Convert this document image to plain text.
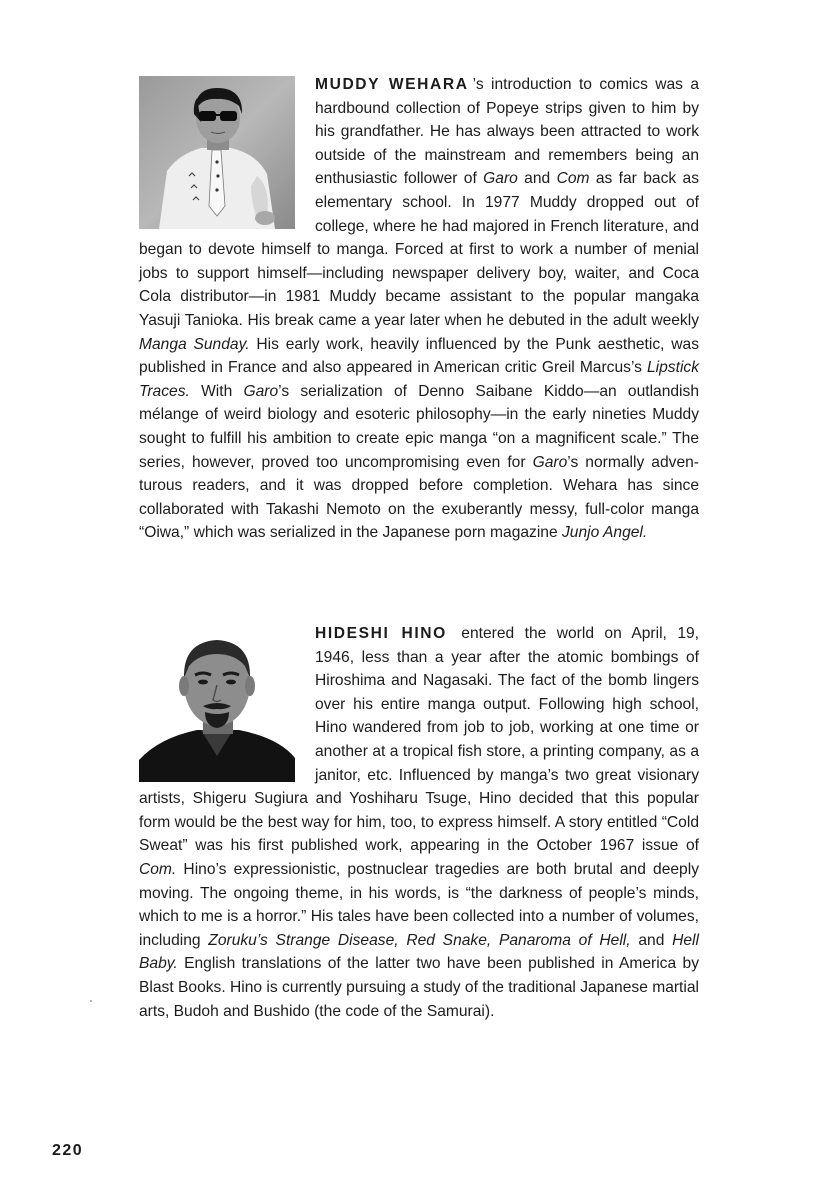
MUDDY WEHARA ’s introduction to comics was a hardbound collection of Popeye strips given to him by his grandfather. He has always been attracted to work outside of the mainstream and remembers being an enthusiastic follower of Garo and Com as far back as elementary school. In 1977 Muddy dropped out of college, where he had majored in French literature, and began to devote himself to manga. Forced at first to work a number of menial jobs to support himself—including newspaper delivery boy, waiter, and Coca Cola distributor—in 1981 Muddy became assistant to the popular mangaka Yasuji Tanioka. His break came a year later when he debuted in the adult weekly Manga Sunday. His early work, heavily influenced by the Punk aesthetic, was published in France and also appeared in American critic Greil Marcus’s Lipstick Traces. With Garo’s serialization of Denno Saibane Kiddo—an outlandish mélange of weird biology and esoteric philosophy—in the early nineties Muddy sought to fulfill his ambition to create epic manga “on a magnificent scale.” The series, however, proved too uncompromising even for Garo’s normally adventurous readers, and it was dropped before completion. Wehara has since collaborated with Takashi Nemoto on the exuberantly messy, full-color manga “Oiwa,” which was serialized in the Japanese porn magazine Junjo Angel.

HIDESHI HINO entered the world on April, 19, 1946, less than a year after the atomic bombings of Hiroshima and Nagasaki. The fact of the bomb lingers over his entire manga output. Following high school, Hino wandered from job to job, working at one time or another at a tropical fish store, a printing company, as a janitor, etc. Influenced by manga’s two great visionary artists, Shigeru Sugiura and Yoshiharu Tsuge, Hino decided that this popular form would be the best way for him, too, to express himself. A story entitled “Cold Sweat” was his first published work, appearing in the October 1967 issue of Com. Hino’s expressionistic, postnuclear tragedies are both brutal and deeply moving. The ongoing theme, in his words, is “the darkness of people’s minds, which to me is a horror.” His tales have been collected into a number of volumes, including Zoruku’s Strange Disease, Red Snake, Panaroma of Hell, and Hell Baby. English translations of the latter two have been published in America by Blast Books. Hino is currently pursuing a study of the traditional Japanese martial arts, Budoh and Bushido (the code of the Samurai).

220
